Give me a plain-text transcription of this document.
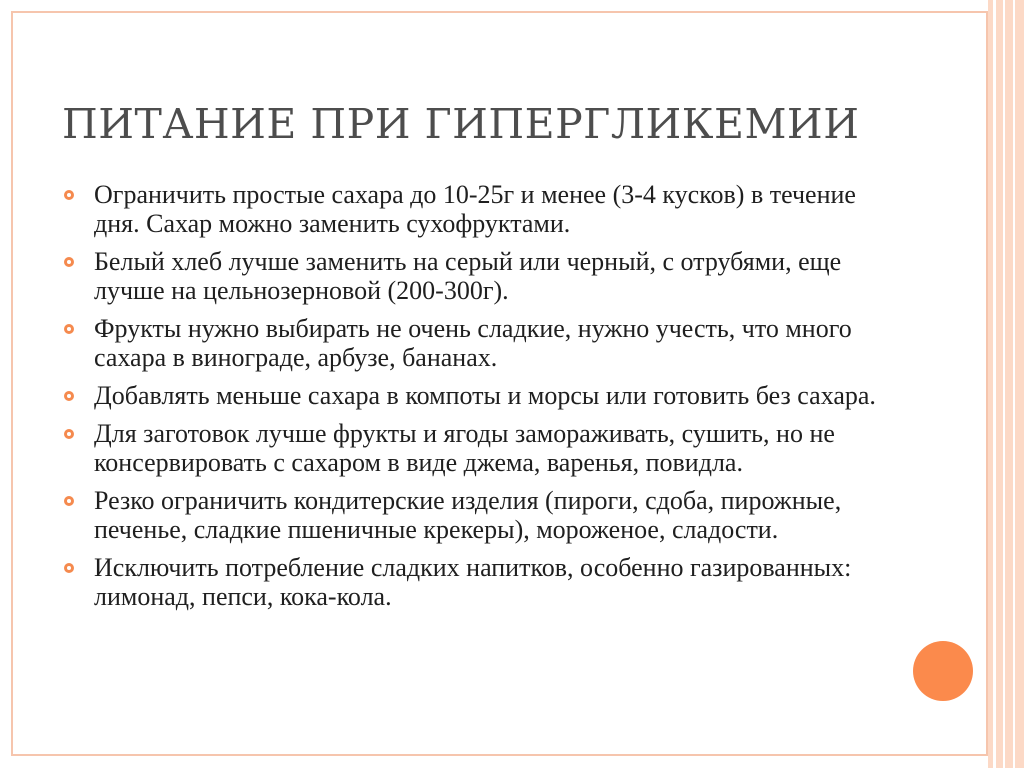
ПИТАНИЕ ПРИ ГИПЕРГЛИКЕМИИ
Ограничить простые сахара до 10-25г и менее (3-4 кусков) в течение дня. Сахар можно заменить сухофруктами.
Белый хлеб лучше заменить на серый или черный, с отрубями, еще лучше на цельнозерновой (200-300г).
Фрукты нужно выбирать не очень сладкие, нужно учесть, что много сахара в винограде, арбузе, бананах.
Добавлять меньше сахара в компоты и морсы или готовить без сахара.
Для заготовок лучше фрукты и ягоды замораживать, сушить, но не консервировать с сахаром в виде джема, варенья, повидла.
Резко ограничить кондитерские изделия (пироги, сдоба, пирожные, печенье, сладкие пшеничные крекеры), мороженое, сладости.
Исключить потребление сладких напитков, особенно газированных: лимонад, пепси, кока-кола.
